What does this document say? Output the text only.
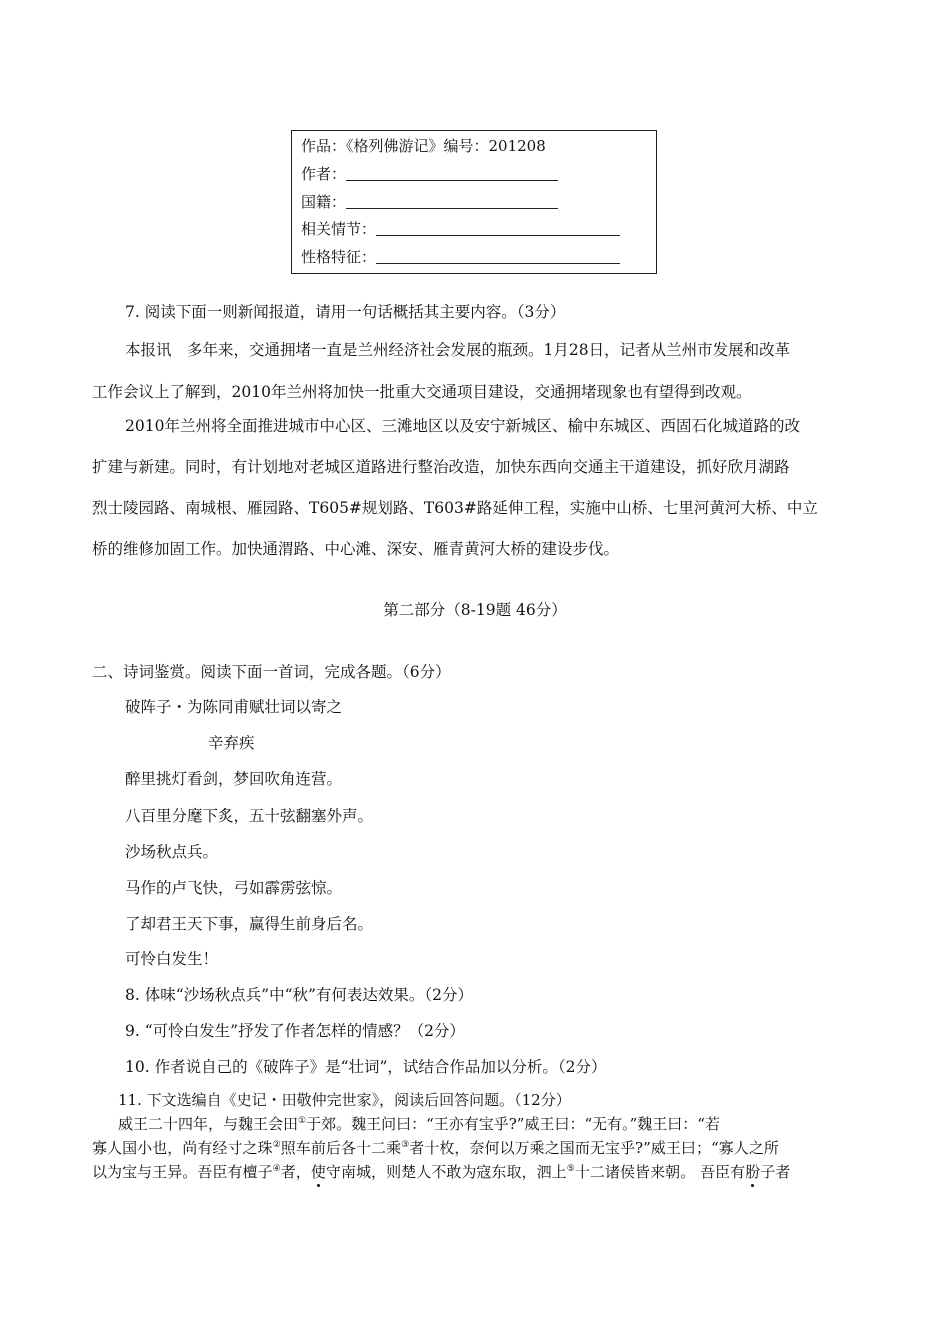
作品：《格列佛游记》编号：201208
作者：
国籍：
相关情节：
性格特征：
7. 阅读下面一则新闻报道，请用一句话概括其主要内容。（3分）
本报讯　多年来，交通拥堵一直是兰州经济社会发展的瓶颈。1月28日，记者从兰州市发展和改革
工作会议上了解到，2010年兰州将加快一批重大交通项目建设，交通拥堵现象也有望得到改观。
2010年兰州将全面推进城市中心区、三滩地区以及安宁新城区、榆中东城区、西固石化城道路的改
扩建与新建。同时，有计划地对老城区道路进行整治改造，加快东西向交通主干道建设，抓好欣月湖路
烈士陵园路、南城根、雁园路、T605#规划路、T603#路延伸工程，实施中山桥、七里河黄河大桥、中立
桥的维修加固工作。加快通渭路、中心滩、深安、雁青黄河大桥的建设步伐。
第二部分（8-19题 46分）
二、诗词鉴赏。阅读下面一首词，完成各题。（6分）
破阵子・为陈同甫赋壮词以寄之
辛弃疾
醉里挑灯看剑，梦回吹角连营。
八百里分麾下炙，五十弦翻塞外声。
沙场秋点兵。
马作的卢飞快，弓如霹雳弦惊。
了却君王天下事，赢得生前身后名。
可怜白发生！
8. 体味“沙场秋点兵”中“秋”有何表达效果。（2分）
9. “可怜白发生”抒发了作者怎样的情感？（2分）
10. 作者说自己的《破阵子》是“壮词”，试结合作品加以分析。（2分）
11. 下文选编自《史记・田敬仲完世家》，阅读后回答问题。（12分）
威王二十四年，与魏王会田①于郊。魏王问曰：“王亦有宝乎?”威王曰：“无有。”魏王曰：“若
寡人国小也，尚有经寸之珠②照车前后各十二乘③者十枚，奈何以万乘之国而无宝乎?”威王曰；“寡人之所
以为宝与王异。吾臣有檀子④者，使守南城，则楚人不敢为寇东取，泗上⑤十二诸侯皆来朝。 吾臣有肦子者
